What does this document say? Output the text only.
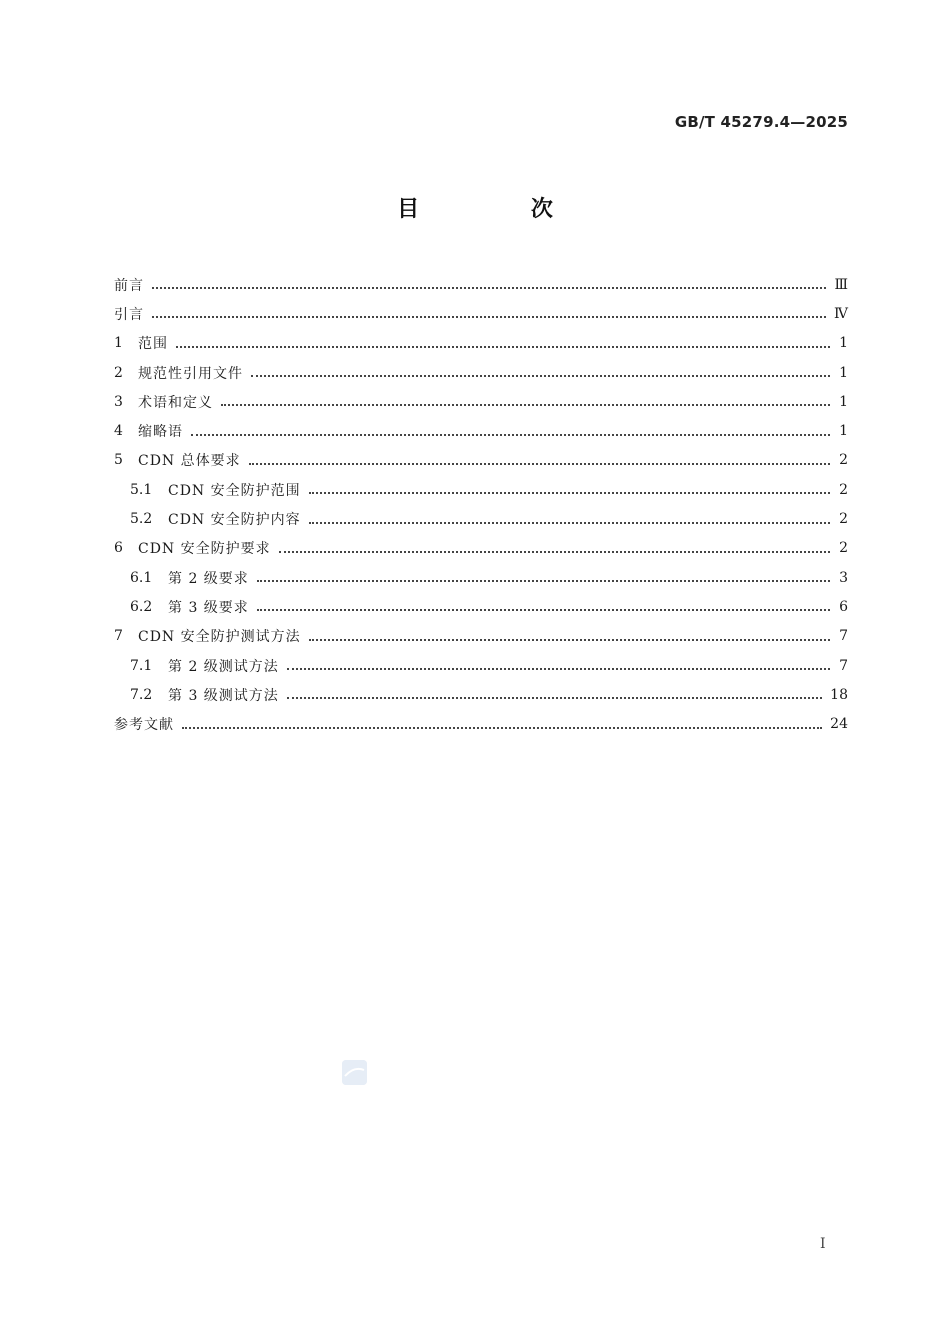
GB/T 45279.4—2025
目 次
前言	Ⅲ
引言	Ⅳ
1	范围	1
2	规范性引用文件	1
3	术语和定义	1
4	缩略语	1
5	CDN 总体要求	2
5.1	CDN 安全防护范围	2
5.2	CDN 安全防护内容	2
6	CDN 安全防护要求	2
6.1	第 2 级要求	3
6.2	第 3 级要求	6
7	CDN 安全防护测试方法	7
7.1	第 2 级测试方法	7
7.2	第 3 级测试方法	18
参考文献	24
I
